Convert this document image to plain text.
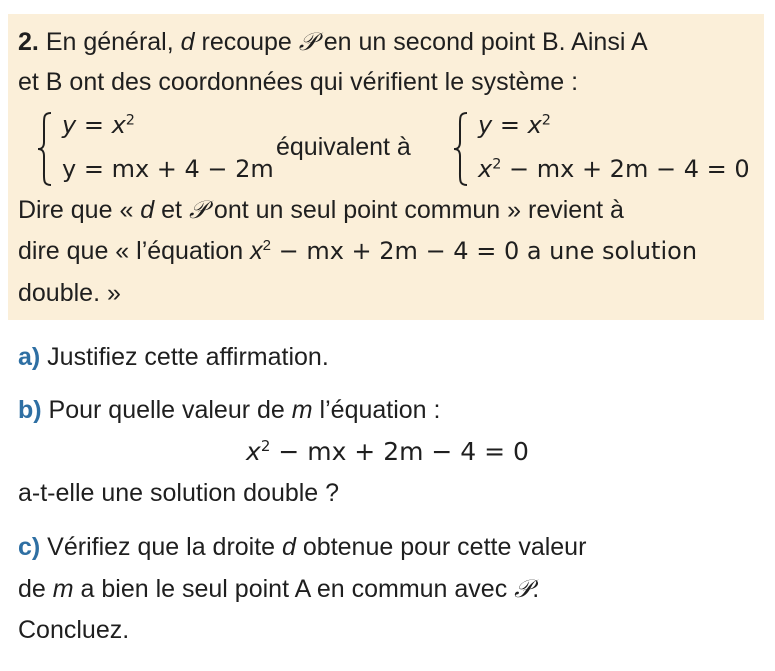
2. En général, d recoupe 𝒫 en un second point B. Ainsi A
et B ont des coordonnées qui vérifient le système :
$y = x^2$
y = mx + 4 − 2m
équivalent à
$y = x^2$
$x^2$ − mx + 2m − 4 = 0
Dire que « d et 𝒫 ont un seul point commun » revient à
dire que « l’équation $x^2$ − mx + 2m − 4 = 0 a une solution
double. »
a) Justifiez cette affirmation.
b) Pour quelle valeur de m l’équation :
$x^2$ − mx + 2m − 4 = 0
a-t-elle une solution double ?
c) Vérifiez que la droite d obtenue pour cette valeur
de m a bien le seul point A en commun avec 𝒫.
Concluez.
